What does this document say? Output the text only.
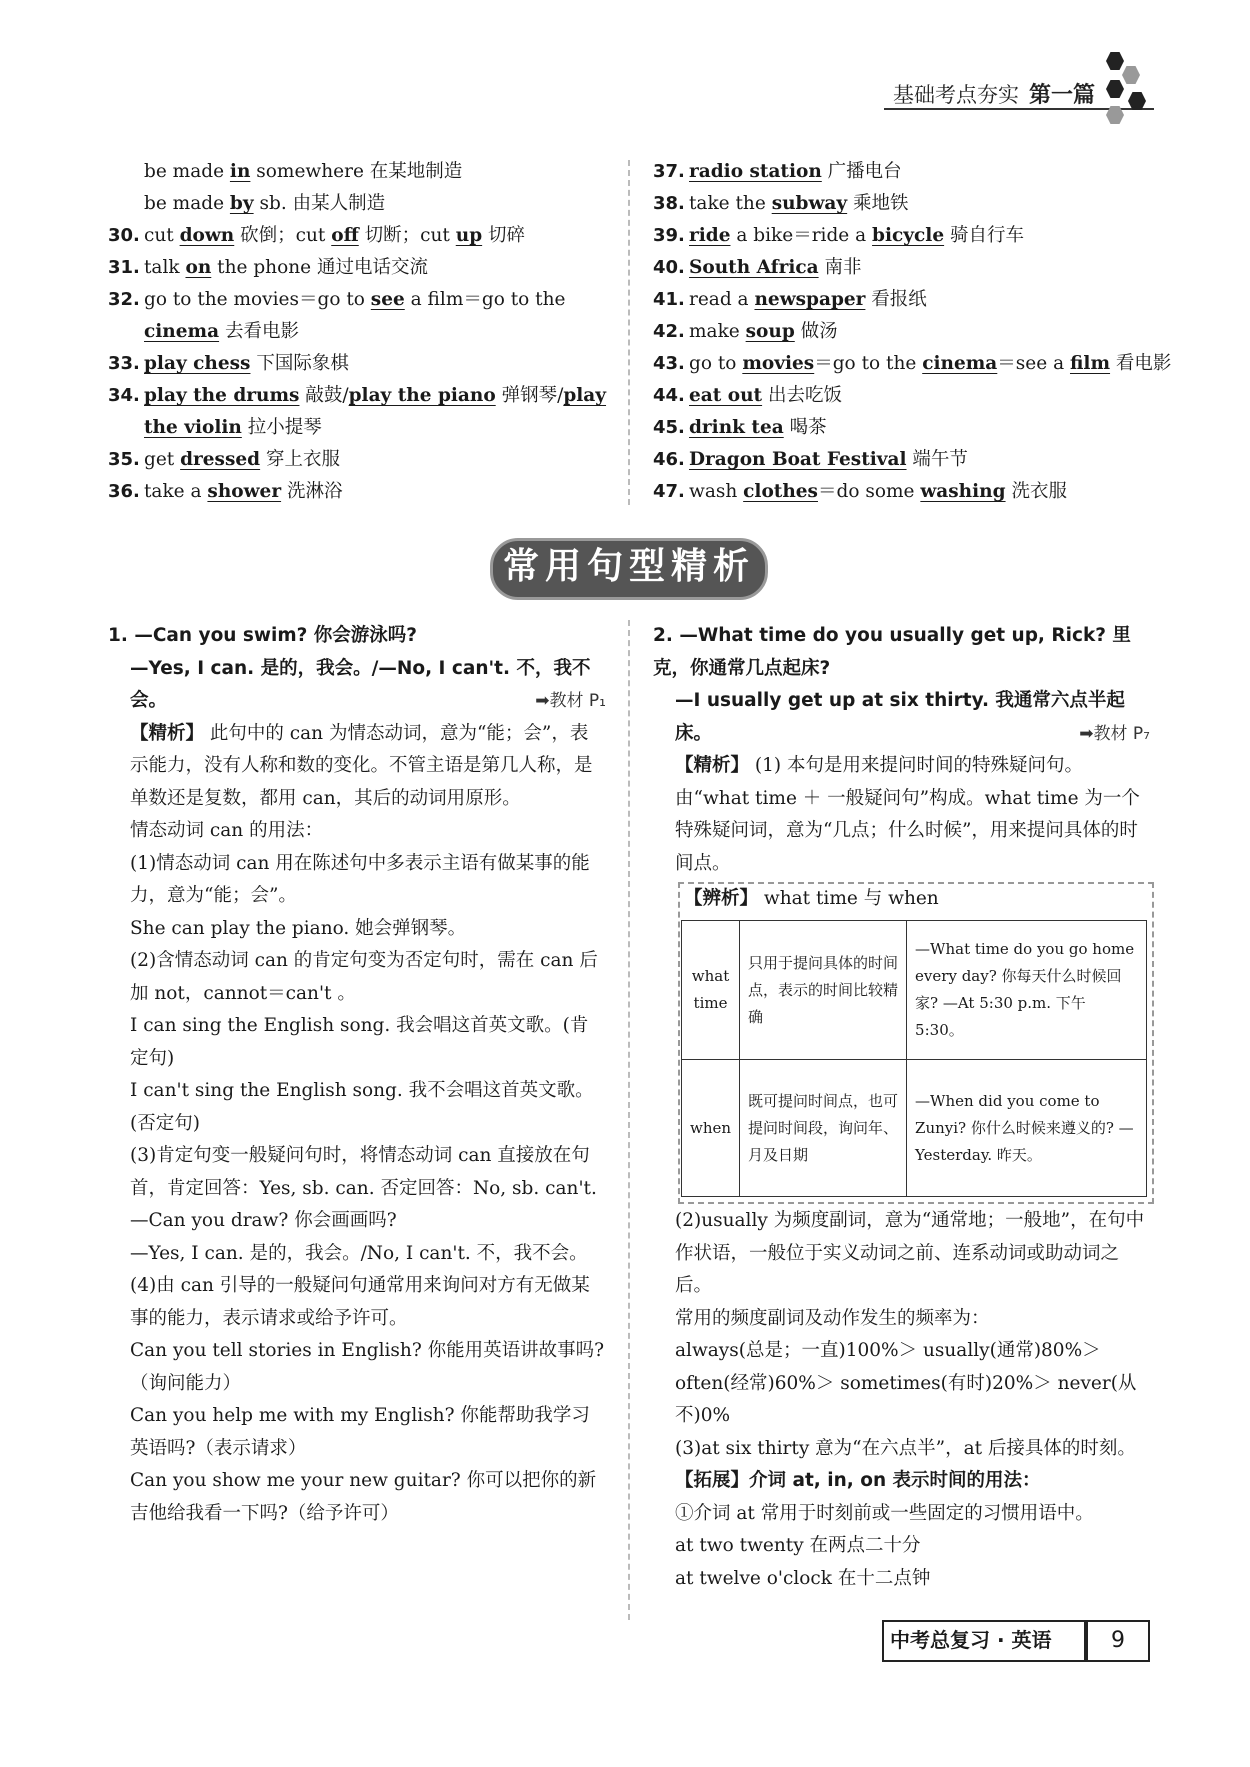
基础考点夯实 第一篇
be made in somewhere 在某地制造
be made by sb. 由某人制造
30. cut down 砍倒；cut off 切断；cut up 切碎
31. talk on the phone 通过电话交流
32. go to the movies＝go to see a film＝go to the
cinema 去看电影
33. play chess 下国际象棋
34. play the drums 敲鼓/play the piano 弹钢琴/play
the violin 拉小提琴
35. get dressed 穿上衣服
36. take a shower 洗淋浴
37. radio station 广播电台
38. take the subway 乘地铁
39. ride a bike＝ride a bicycle 骑自行车
40. South Africa 南非
41. read a newspaper 看报纸
42. make soup 做汤
43. go to movies＝go to the cinema＝see a film 看电影
44. eat out 出去吃饭
45. drink tea 喝茶
46. Dragon Boat Festival 端午节
47. wash clothes＝do some washing 洗衣服
常用句型精析
1. —Can you swim? 你会游泳吗?
—Yes, I can. 是的，我会。/—No, I can't. 不，我不
会。	➡教材 P₁
【精析】 此句中的 can 为情态动词，意为“能；会”，表示能力，没有人称和数的变化。不管主语是第几人称，是单数还是复数，都用 can，其后的动词用原形。
情态动词 can 的用法：
(1)情态动词 can 用在陈述句中多表示主语有做某事的能力，意为“能；会”。
She can play the piano. 她会弹钢琴。
(2)含情态动词 can 的肯定句变为否定句时，需在 can 后加 not，cannot＝can't 。
I can sing the English song. 我会唱这首英文歌。(肯定句)
I can't sing the English song. 我不会唱这首英文歌。(否定句)
(3)肯定句变一般疑问句时，将情态动词 can 直接放在句首，肯定回答：Yes, sb. can. 否定回答：No, sb. can't.
—Can you draw? 你会画画吗?
—Yes, I can. 是的，我会。/No, I can't. 不，我不会。
(4)由 can 引导的一般疑问句通常用来询问对方有无做某事的能力，表示请求或给予许可。
Can you tell stories in English? 你能用英语讲故事吗?（询问能力）
Can you help me with my English? 你能帮助我学习英语吗?（表示请求）
Can you show me your new guitar? 你可以把你的新吉他给我看一下吗?（给予许可）
2. —What time do you usually get up, Rick? 里克，你通常几点起床?
—I usually get up at six thirty. 我通常六点半起床。	➡教材 P₇
【精析】 (1) 本句是用来提问时间的特殊疑问句。由“what time ＋ 一般疑问句”构成。what time 为一个特殊疑问词，意为“几点；什么时候”，用来提问具体的时间点。
【辨析】 what time 与 when
what time	只用于提问具体的时间点，表示的时间比较精确	—What time do you go home every day? 你每天什么时候回家? —At 5:30 p.m. 下午 5:30。
when	既可提问时间点，也可提问时间段，询问年、月及日期	—When did you come to Zunyi? 你什么时候来遵义的? —Yesterday. 昨天。
(2)usually 为频度副词，意为“通常地；一般地”，在句中作状语，一般位于实义动词之前、连系动词或助动词之后。
常用的频度副词及动作发生的频率为：
always(总是；一直)100%＞ usually(通常)80%＞often(经常)60%＞ sometimes(有时)20%＞ never(从不)0%
(3)at six thirty 意为“在六点半”，at 后接具体的时刻。
【拓展】介词 at, in, on 表示时间的用法：
①介词 at 常用于时刻前或一些固定的习惯用语中。
at two twenty 在两点二十分
at twelve o'clock 在十二点钟
中考总复习 · 英语	9
